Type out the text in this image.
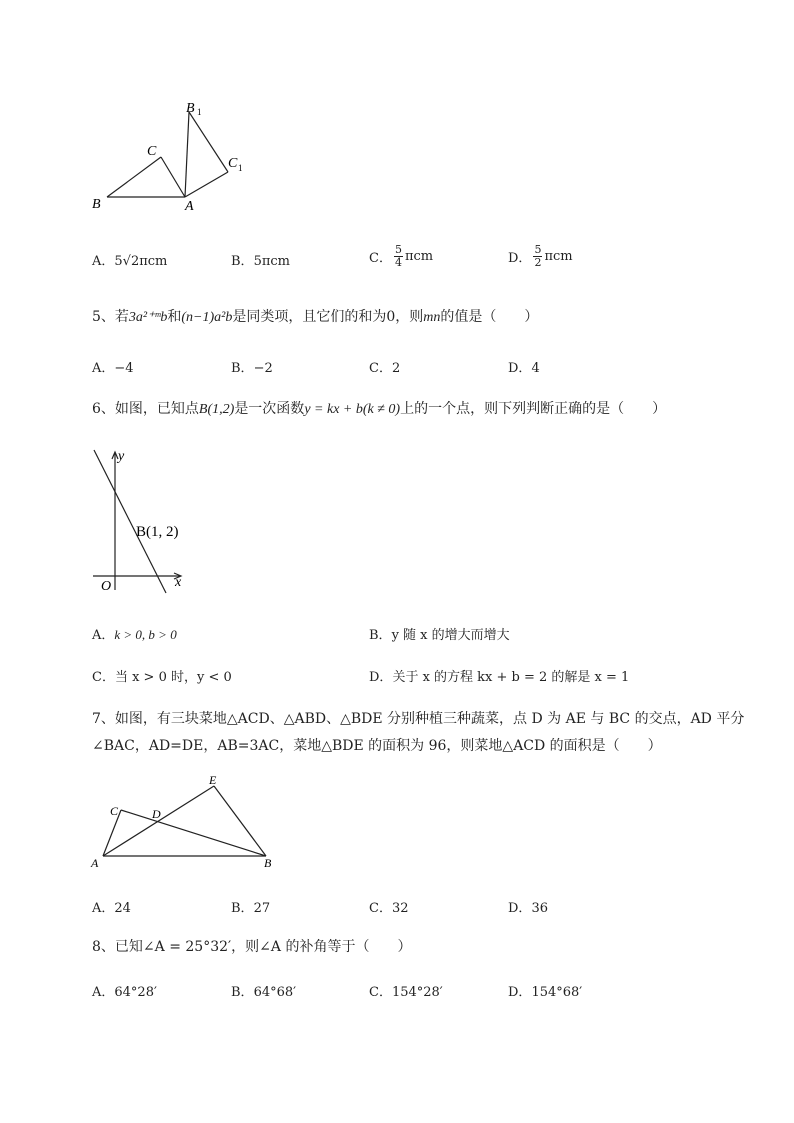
B	A
C
B 1
C 1
A．5√2πcm	B．5πcm	C．
5
4 πcm	D．
5
2 πcm
5、若3a²⁺ᵐb和(n−1)a²b是同类项，且它们的和为0，则mn的值是（　　）
A．−4	B．−2	C．2	D．4
6、如图，已知点B(1,2)是一次函数y = kx + b(k ≠ 0)上的一个点，则下列判断正确的是（　　）
y
x
O
B(1, 2)
A．k > 0, b > 0	B．y 随 x 的增大而增大
C．当 x > 0 时，y < 0	D．关于 x 的方程 kx + b = 2 的解是 x = 1
7、如图，有三块菜地△ACD、△ABD、△BDE 分别种植三种蔬菜，点 D 为 AE 与 BC 的交点，AD 平分
∠BAC，AD=DE，AB=3AC，菜地△BDE 的面积为 96，则菜地△ACD 的面积是（　　）
C	D
E
A	B
A．24	B．27	C．32	D．36
8、已知∠A = 25°32′，则∠A 的补角等于（　　）
A．64°28′	B．64°68′	C．154°28′	D．154°68′
